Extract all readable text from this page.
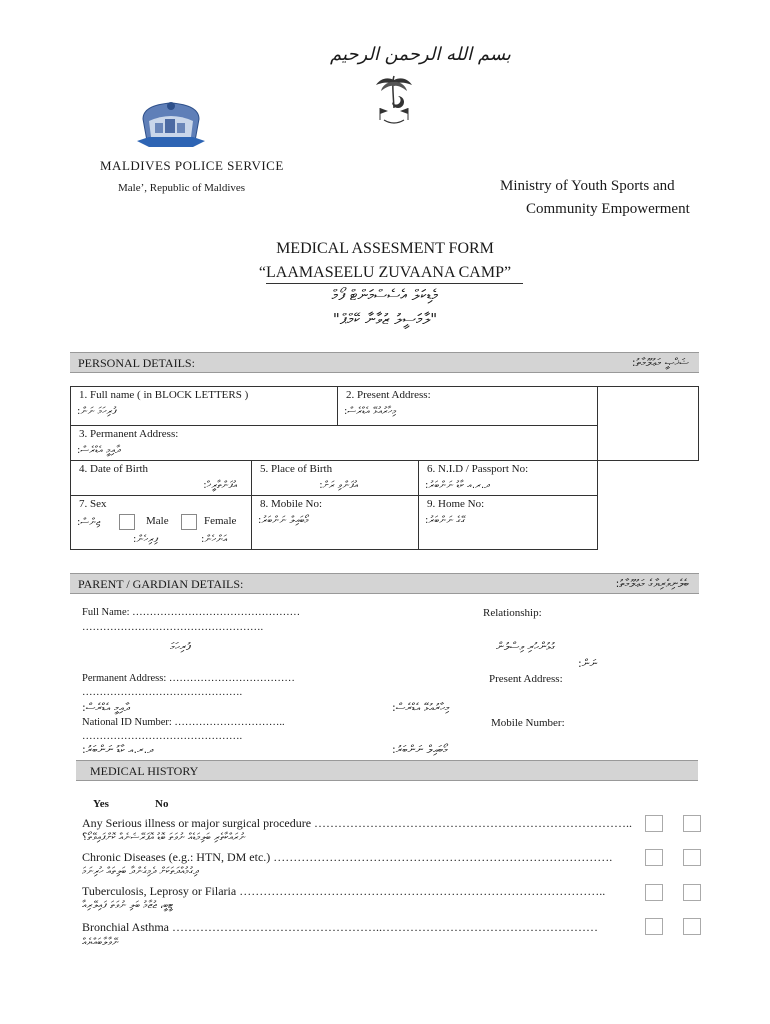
بسم الله الرحمن الرحيم
MALDIVES POLICE SERVICE
Male’, Republic of Maldives	Ministry of Youth Sports and
Community Empowerment
MEDICAL ASSESMENT FORM
“LAAMASEELU ZUVAANA CAMP”
މެޑިކަލް އެސެސްމަންޓް ފޯމް
"ލާމަސީލު ޒުވާނާ ކޭމްޕް"
PERSONAL DETAILS:	ޝަޚްޞީ މަޢުލޫމާތު:
1. Full name ( in BLOCK LETTERS )
ފުރިހަމަ ނަން:
2. Present Address:
މިހާރުއުޅޭ އެޑްރެސް:
3. Permanent Address:
ދާއިމީ އެޑްރެސް:
4. Date of Birth
އުފަންތާރީޚް:
5. Place of Birth
އުފަންވި ރަށް:
6. N.I.D / Passport No:
ދ.ރ.އ ކާޑު ނަންބަރު:
7. Sex
ޖިންސް:	Male	Female
ފިރިހެން:	އަންހެން:
8. Mobile No:
މޯބައިލް ނަންބަރު:
9. Home No:
ގޭގެ ނަންބަރު:
PARENT / GARDIAN DETAILS:	ބެލެނިވެރިޔާގެ މަޢުލޫމާތު:
Full Name: …………………………………………
…………………………………………….
Relationship:
ފުރިހަމަ	ގުޅުންހުރި ވިސްލުން
ނަން:
Permanent Address: ………………………………
……………………………………….
Present Address:
ދާއިމީ އެޑްރެސް:	މިހާރުއުޅޭ އެޑްރެސް:
National ID Number: …………………………..
……………………………………….
Mobile Number:
ދ.ރ.އ ކާޑު ނަންބަރު:	މޯބައިލް ނަންބަރު:
MEDICAL HISTORY
Yes	No
Any Serious illness or major surgical procedure ……………………………………………………………………..
ނުރައްކާތެރި ބަލިމަޑެއް ނުވަތަ ބޮޑު އޮޕަރޭޝަނެއް ކޮށްފައިވޭތޯ؟
Chronic Diseases (e.g.: HTN, DM etc.) ………………………………………………………………………….
ދިގުމުއްދަތަކަށް ދެމިގެންދާ ބަލިތައް ހުރިނަމަ
Tuberculosis, Leprosy or Filaria ………………………………………………………………………………..
ޓީބީ، ޖުޒާމު ބަލި ނުވަތަ ފައިލޭރިއާ
Bronchial Asthma ……………………………………………..………………………………………………
ނޭވާލާބައްޔެއް
